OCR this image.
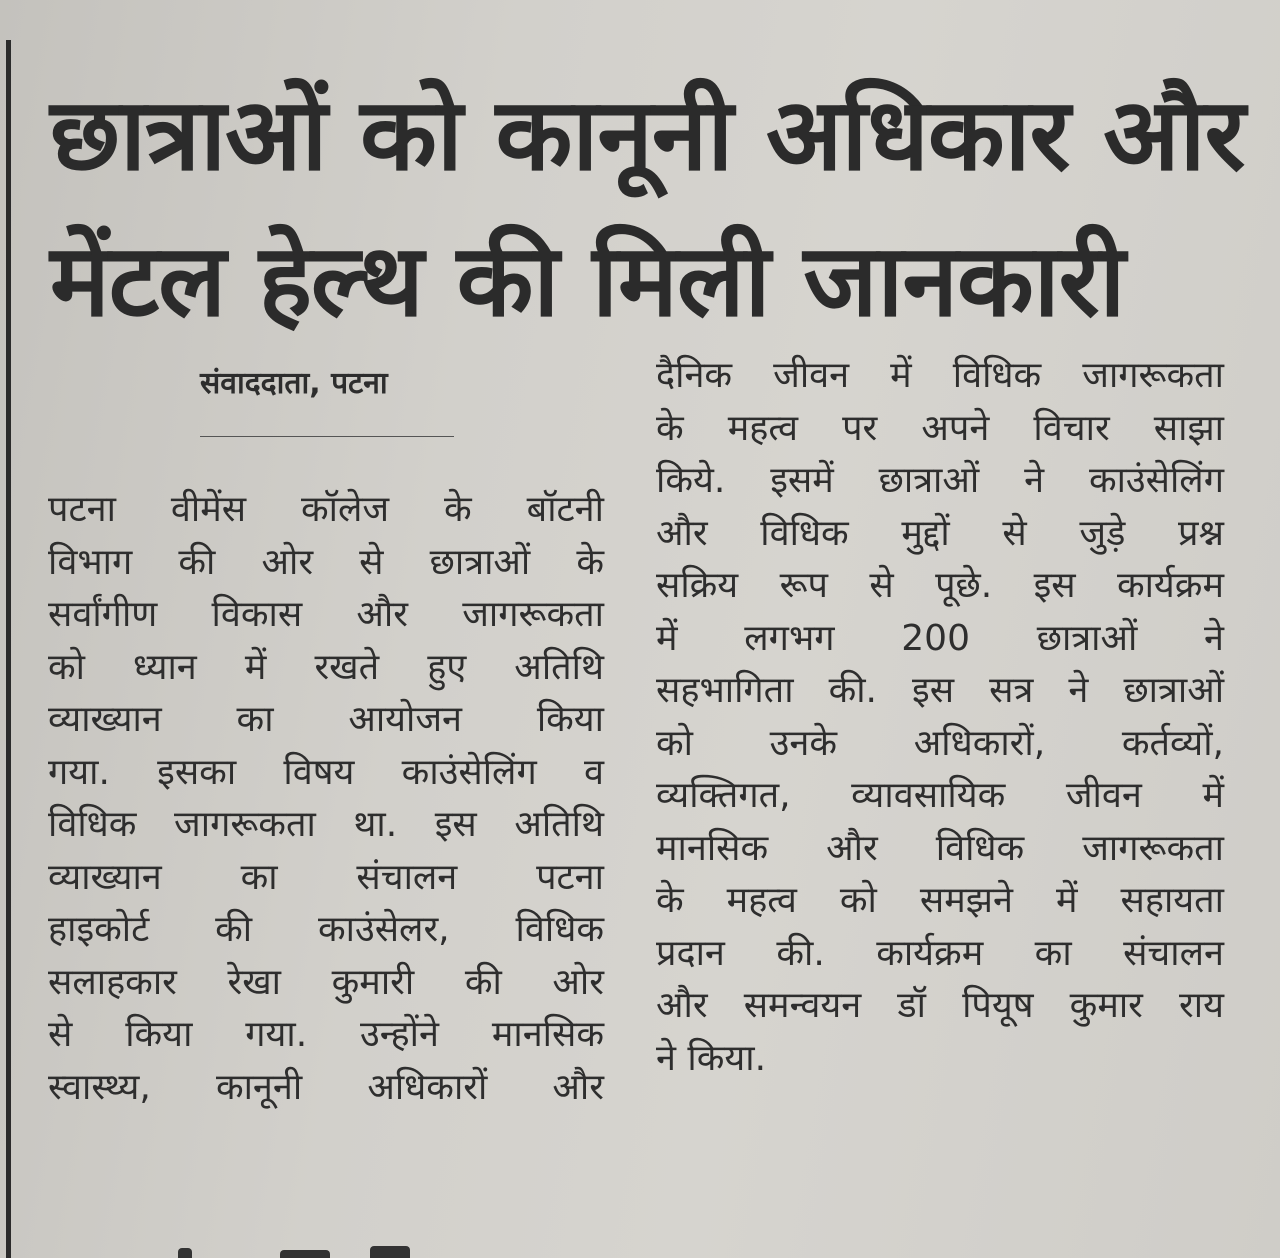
छात्राओं को कानूनी अधिकार और
मेंटल हेल्थ की मिली जानकारी
संवाददाता, पटना

पटना वीमेंस कॉलेज के बॉटनी
विभाग की ओर से छात्राओं के
सर्वांगीण विकास और जागरूकता
को ध्यान में रखते हुए अतिथि
व्याख्यान का आयोजन किया
गया. इसका विषय काउंसेलिंग व
विधिक जागरूकता था. इस अतिथि
व्याख्यान का संचालन पटना
हाइकोर्ट की काउंसेलर, विधिक
सलाहकार रेखा कुमारी की ओर
से किया गया. उन्होंने मानसिक
स्वास्थ्य, कानूनी अधिकारों और

दैनिक जीवन में विधिक जागरूकता
के महत्व पर अपने विचार साझा
किये. इसमें छात्राओं ने काउंसेलिंग
और विधिक मुद्दों से जुड़े प्रश्न
सक्रिय रूप से पूछे. इस कार्यक्रम
में लगभग 200 छात्राओं ने
सहभागिता की. इस सत्र ने छात्राओं
को उनके अधिकारों, कर्तव्यों,
व्यक्तिगत, व्यावसायिक जीवन में
मानसिक और विधिक जागरूकता
के महत्व को समझने में सहायता
प्रदान की. कार्यक्रम का संचालन
और समन्वयन डॉ पियूष कुमार राय
ने किया.
